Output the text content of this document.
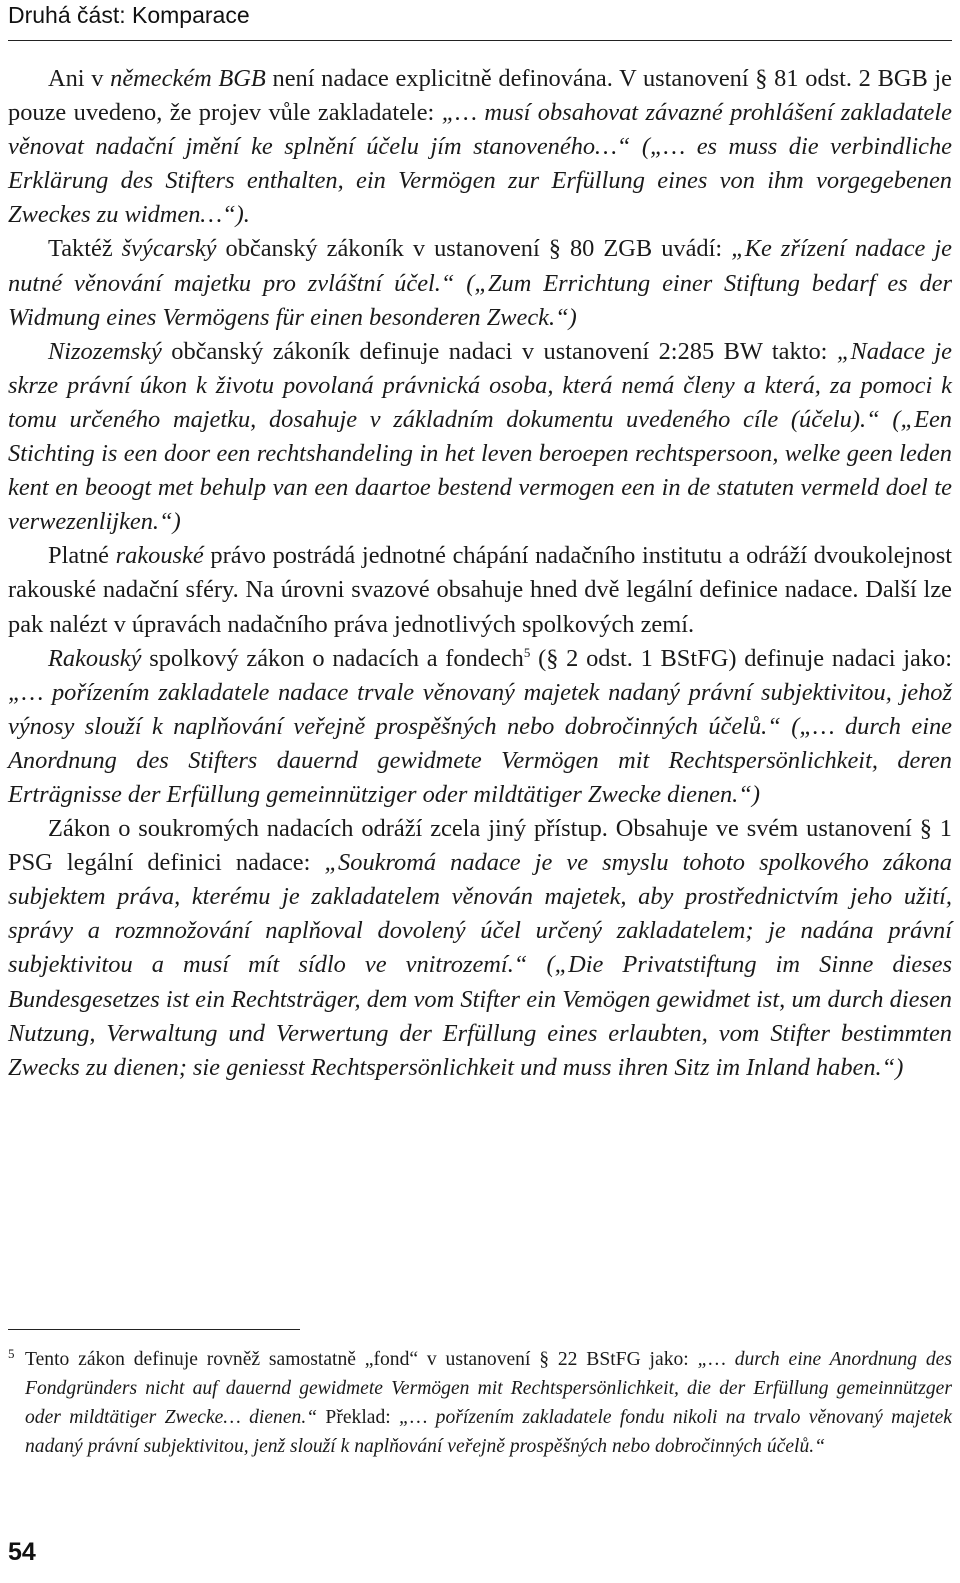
Druhá část: Komparace

Ani v německém BGB není nadace explicitně definována. V ustanovení § 81 odst. 2 BGB je pouze uvedeno, že projev vůle zakladatele: „… musí obsahovat závazné prohlášení zakladatele věnovat nadační jmění ke splnění účelu jím stanoveného…“ („… es muss die verbindliche Erklärung des Stifters enthalten, ein Vermögen zur Erfüllung eines von ihm vorgegebenen Zweckes zu widmen…“).

Taktéž švýcarský občanský zákoník v ustanovení § 80 ZGB uvádí: „Ke zřízení nadace je nutné věnování majetku pro zvláštní účel.“ („Zum Errichtung einer Stiftung bedarf es der Widmung eines Vermögens für einen besonderen Zweck.“)

Nizozemský občanský zákoník definuje nadaci v ustanovení 2:285 BW takto: „Nadace je skrze právní úkon k životu povolaná právnická osoba, která nemá členy a která, za pomoci k tomu určeného majetku, dosahuje v základním dokumentu uvedeného cíle (účelu).“ („Een Stichting is een door een rechtshandeling in het leven beroepen rechtspersoon, welke geen leden kent en beoogt met behulp van een daartoe bestend vermogen een in de statuten vermeld doel te verwezenlijken.“)

Platné rakouské právo postrádá jednotné chápání nadačního institutu a odráží dvoukolejnost rakouské nadační sféry. Na úrovni svazové obsahuje hned dvě legální definice nadace. Další lze pak nalézt v úpravách nadačního práva jednotlivých spolkových zemí.

Rakouský spolkový zákon o nadacích a fondech$^5$ (§ 2 odst. 1 BStFG) definuje nadaci jako: „… pořízením zakladatele nadace trvale věnovaný majetek nadaný právní subjektivitou, jehož výnosy slouží k naplňování veřejně prospěšných nebo dobročinných účelů.“ („… durch eine Anordnung des Stifters dauernd gewidmete Vermögen mit Rechtspersönlichkeit, deren Erträgnisse der Erfüllung gemeinnütziger oder mildtätiger Zwecke dienen.“)

Zákon o soukromých nadacích odráží zcela jiný přístup. Obsahuje ve svém ustanovení § 1 PSG legální definici nadace: „Soukromá nadace je ve smyslu tohoto spolkového zákona subjektem práva, kterému je zakladatelem věnován majetek, aby prostřednictvím jeho užití, správy a rozmnožování naplňoval dovolený účel určený zakladatelem; je nadána právní subjektivitou a musí mít sídlo ve vnitrozemí.“ („Die Privatstiftung im Sinne dieses Bundesgesetzes ist ein Rechtsträger, dem vom Stifter ein Vemögen gewidmet ist, um durch diesen Nutzung, Verwaltung und Verwertung der Erfüllung eines erlaubten, vom Stifter bestimmten Zwecks zu dienen; sie geniesst Rechtspersönlichkeit und muss ihren Sitz im Inland haben.“)

5 Tento zákon definuje rovněž samostatně „fond“ v ustanovení § 22 BStFG jako: „… durch eine Anordnung des Fondgründers nicht auf dauernd gewidmete Vermögen mit Rechtspersönlichkeit, die der Erfüllung gemeinnützger oder mildtätiger Zwecke… dienen.“ Překlad: „… pořízením zakladatele fondu nikoli na trvalo věnovaný majetek nadaný právní subjektivitou, jenž slouží k naplňování veřejně prospěšných nebo dobročinných účelů.“
54
